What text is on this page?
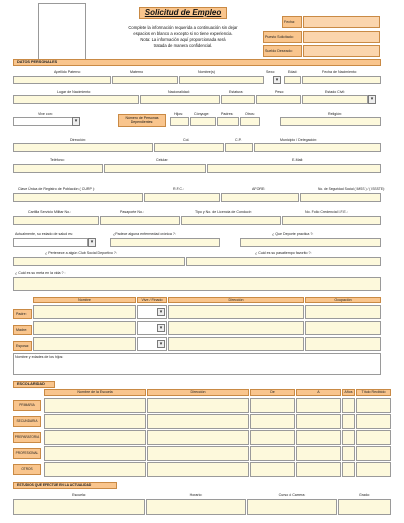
Solicitud de Empleo
Complete la información requerida a continuación sin dejar
espacios en blanco a excepto si no tiene experiencia.
Nota: La información aquí proporcionada será
tratada de manera confidencial.
Fecha:
Puesto Solicitado:
Sueldo Deseado:
DATOS PERSONALES
Apellido Paterno	Materno	Nombre(s)	Sexo:	Edad:	Fecha de Nacimiento:
▾
Lugar de Nacimiento:	Nacionalidad:	Estatura:	Peso:	Estado Civil:
▾
Vive con:
Número de Personas Dependientes:
Hijos:	Cónyuge:	Padres:	Otros:	Religión:
▾
Dirección:	Col.	C.P.	Municipio / Delegación:
Teléfono:	Celular:	E-Mail:
Clave Única de Registro de Población ( CURP ):	R.F.C.:	AFORE:	No. de Seguridad Social ( IMSS ) / ( ISSSTE):
Cartilla Servicio Militar No.:	Pasaporte No.:	Tipo y No. de Licencia de Conducir:	No. Folio Credencial I.F.E.:
Actualmente, su estado de salud es:	¿Padece alguna enfermedad crónica ?:	¿ Que Deporte practica ?:
▾
¿ Pertenece a algún Club Social Deportivo ?:	¿ Cuál es su pasatiempo favorito ?:
¿ Cuál es su meta en la vida ? :
Nombre	Vive / Finado	Dirección	Ocupación
Padre:	▾
Madre:	▾
Esposa:	▾
Nombre y edades de los hijos:
ESCOLARIDAD
Nombre de la Escuela	Dirección	De	A	Años	Título Recibido
PRIMARIA
SECUNDARIA
PREPARATORIA
PROFESIONAL
OTROS
ESTUDIOS QUE EFECTÚE EN LA ACTUALIDAD
Escuela:	Horario:	Curso ó Carrera:	Grado:
